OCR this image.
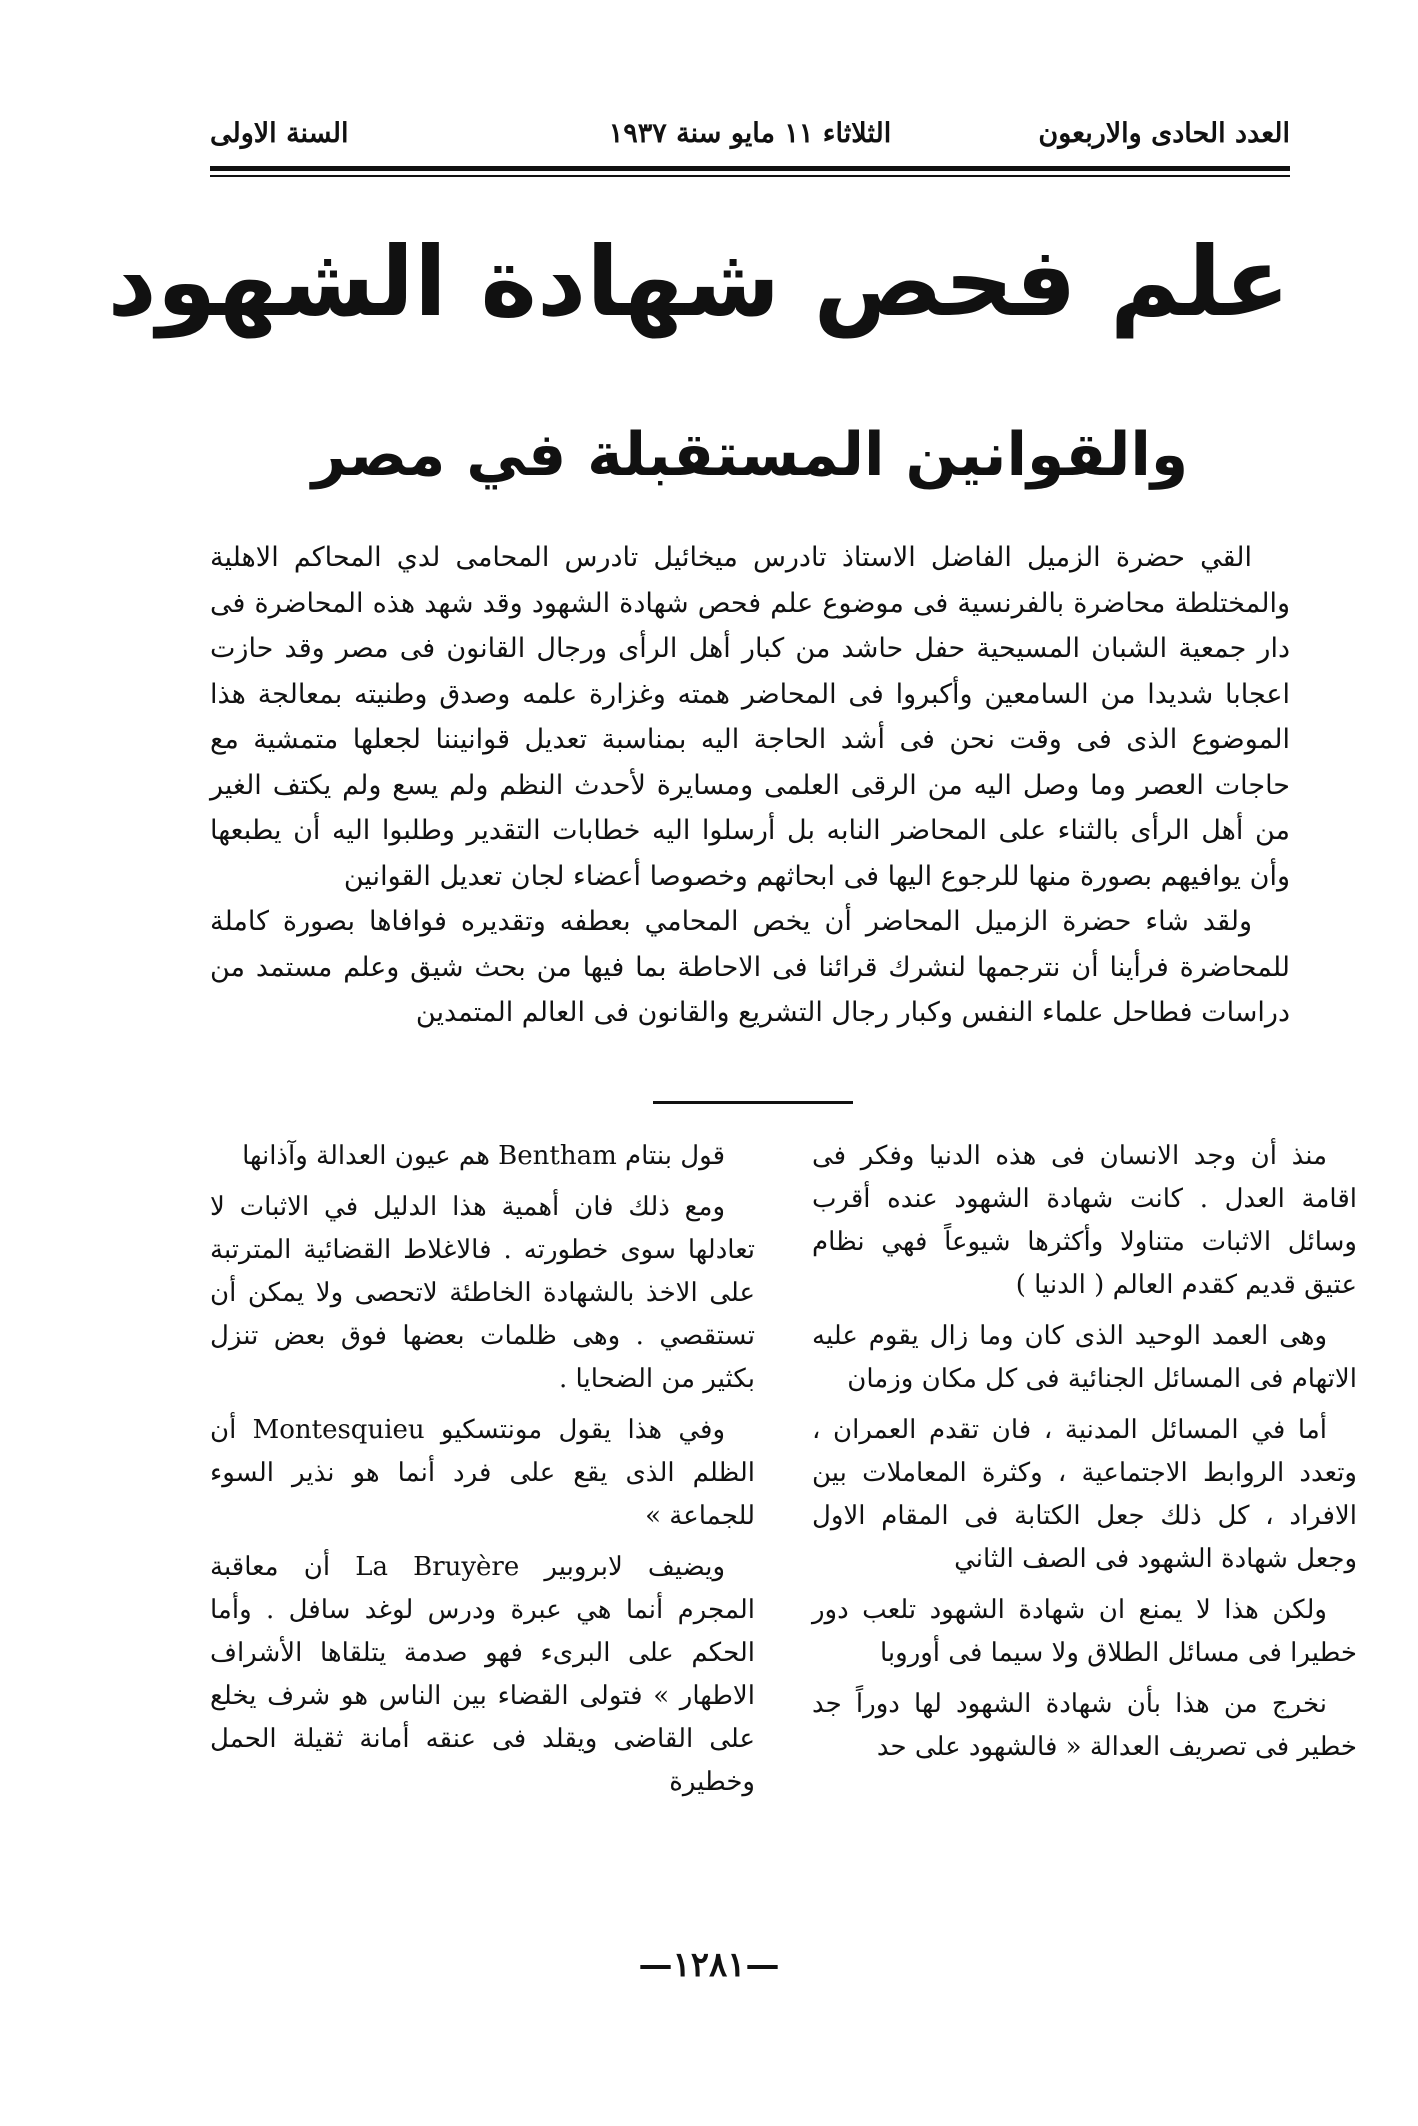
العدد الحادى والاربعون
الثلاثاء ١١ مايو سنة ١٩٣٧
السنة الاولى
علم فحص شهادة الشهود
والقوانين المستقبلة في مصر

القي حضرة الزميل الفاضل الاستاذ تادرس ميخائيل تادرس المحامى لدي المحاكم الاهلية والمختلطة محاضرة بالفرنسية فى موضوع علم فحص شهادة الشهود وقد شهد هذه المحاضرة فى دار جمعية الشبان المسيحية حفل حاشد من كبار أهل الرأى ورجال القانون فى مصر وقد حازت اعجابا شديدا من السامعين وأكبروا فى المحاضر همته وغزارة علمه وصدق وطنيته بمعالجة هذا الموضوع الذى فى وقت نحن فى أشد الحاجة اليه بمناسبة تعديل قوانيننا لجعلها متمشية مع حاجات العصر وما وصل اليه من الرقى العلمى ومسايرة لأحدث النظم ولم يسع ولم يكتف الغير من أهل الرأى بالثناء على المحاضر النابه بل أرسلوا اليه خطابات التقدير وطلبوا اليه أن يطبعها وأن يوافيهم بصورة منها للرجوع اليها فى ابحاثهم وخصوصا أعضاء لجان تعديل القوانين

ولقد شاء حضرة الزميل المحاضر أن يخص المحامي بعطفه وتقديره فوافاها بصورة كاملة للمحاضرة فرأينا أن نترجمها لنشرك قرائنا فى الاحاطة بما فيها من بحث شيق وعلم مستمد من دراسات فطاحل علماء النفس وكبار رجال التشريع والقانون فى العالم المتمدين

منذ أن وجد الانسان فى هذه الدنيا وفكر فى اقامة العدل . كانت شهادة الشهود عنده أقرب وسائل الاثبات متناولا وأكثرها شيوعاً فهي نظام عتيق قديم كقدم العالم ( الدنيا )

وهى العمد الوحيد الذى كان وما زال يقوم عليه الاتهام فى المسائل الجنائية فى كل مكان وزمان

أما في المسائل المدنية ، فان تقدم العمران ، وتعدد الروابط الاجتماعية ، وكثرة المعاملات بين الافراد ، كل ذلك جعل الكتابة فى المقام الاول وجعل شهادة الشهود فى الصف الثاني

ولكن هذا لا يمنع ان شهادة الشهود تلعب دور خطيرا فى مسائل الطلاق ولا سيما فى أوروبا

نخرج من هذا بأن شهادة الشهود لها دوراً جد خطير فى تصريف العدالة « فالشهود على حد

قول بنتام Bentham هم عيون العدالة وآذانها

ومع ذلك فان أهمية هذا الدليل في الاثبات لا تعادلها سوى خطورته . فالاغلاط القضائية المترتبة على الاخذ بالشهادة الخاطئة لاتحصى ولا يمكن أن تستقصي . وهى ظلمات بعضها فوق بعض تنزل بكثير من الضحايا .

وفي هذا يقول مونتسكيو Montesquieu أن الظلم الذى يقع على فرد أنما هو نذير السوء للجماعة »

ويضيف لابروبير La Bruyère أن معاقبة المجرم أنما هي عبرة ودرس لوغد سافل . وأما الحكم على البرىء فهو صدمة يتلقاها الأشراف الاطهار » فتولى القضاء بين الناس هو شرف يخلع على القاضى ويقلد فى عنقه أمانة ثقيلة الحمل وخطيرة

—١٢٨١—
